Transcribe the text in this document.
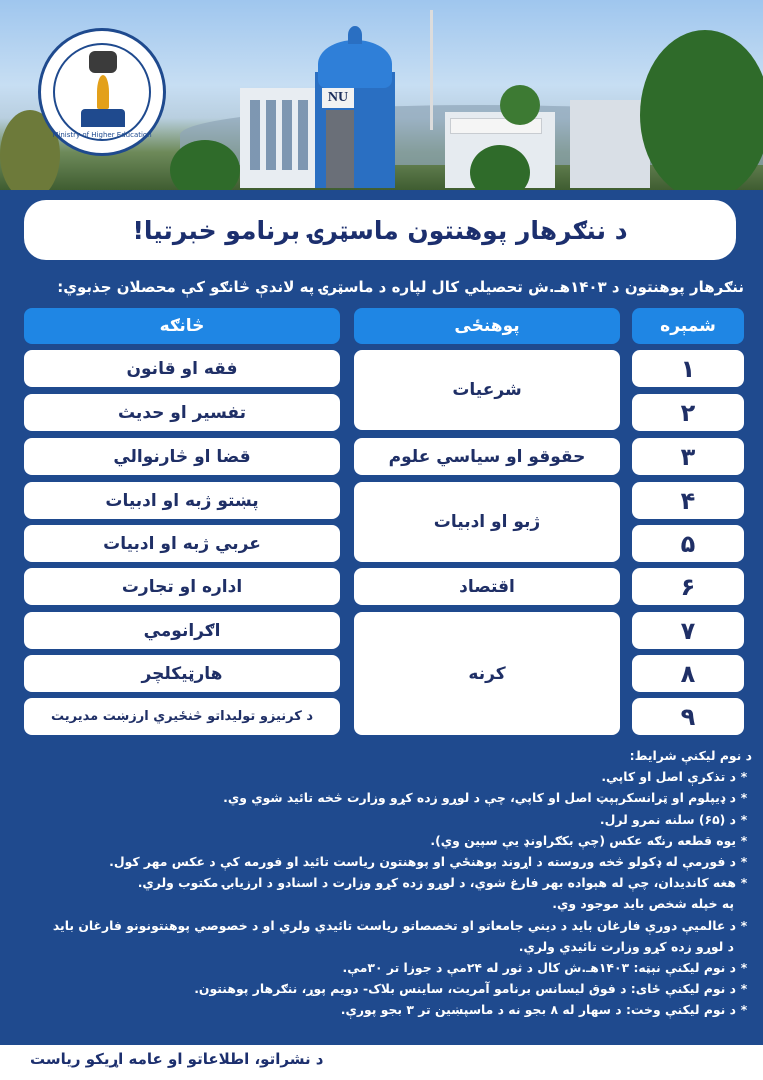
NU
Ministry of Higher Education
د ننګرهار پوهنتون ماسټرۍ برنامو خبرتیا!
ننګرهار پوهنتون د ۱۴۰۳هـ.ش تحصیلي کال لپاره د ماسټرۍ په لاندې څانګو کې محصلان جذبوي:
څانګه	پوهنځی	شمېره
فقه او قانون
تفسیر او حدیث
قضا او څارنوالي
پښتو ژبه او ادبیات
عربي ژبه او ادبیات
اداره او تجارت
اګرانومي
هارټیکلچر
د کرنیزو تولیداتو څنځیري ارزښت مدیریت
شرعیات
حقوقو او سیاسي علوم
ژبو او ادبیات
اقتصاد
کرنه
۱
۲
۳
۴
۵
۶
۷
۸
۹
د نوم لیکنې شرایط:
*د تذکرې اصل او کاپي.
*د ډیپلوم او ټرانسکرېپټ اصل او کاپي، چې د لوړو زده کړو وزارت څخه تائید شوي وي.
*د (۶۵) سلنه نمرو لرل.
*یوه قطعه رنګه عکس (چې بکګراونډ یې سپین وي).
*د فورمې له ډکولو څخه وروسته د اړوند پوهنځي او پوهنتون ریاست تائید او فورمه کې د عکس مهر کول.
*هغه کاندیدان، چې له هېواده بهر فارغ شوي، د لوړو زده کړو وزارت د اسنادو د ارزیابۍ مکتوب ولري.
په خپله شخص باید موجود وي.
*د عالمیې دورې فارغان باید د دیني جامعاتو او تخصصاتو ریاست تائیدي ولري او د خصوصي پوهنتونونو فارغان باید
د لوړو زده کړو وزارت تائیدي ولري.
*د نوم لیکنې نېټه: ۱۴۰۳هـ.ش کال د ثور له ۲۴مې د جوزا تر ۳۰مې.
*د نوم لیکنې ځای: د فوق لیسانس برنامو آمریت، ساینس بلاک- دویم پوړ، ننګرهار پوهنتون.
*د نوم لیکنې وخت: د سهار له ۸ بجو نه د ماسپښین تر ۳ بجو پورې.
د نشراتو، اطلاعاتو او عامه اړیکو ریاست
